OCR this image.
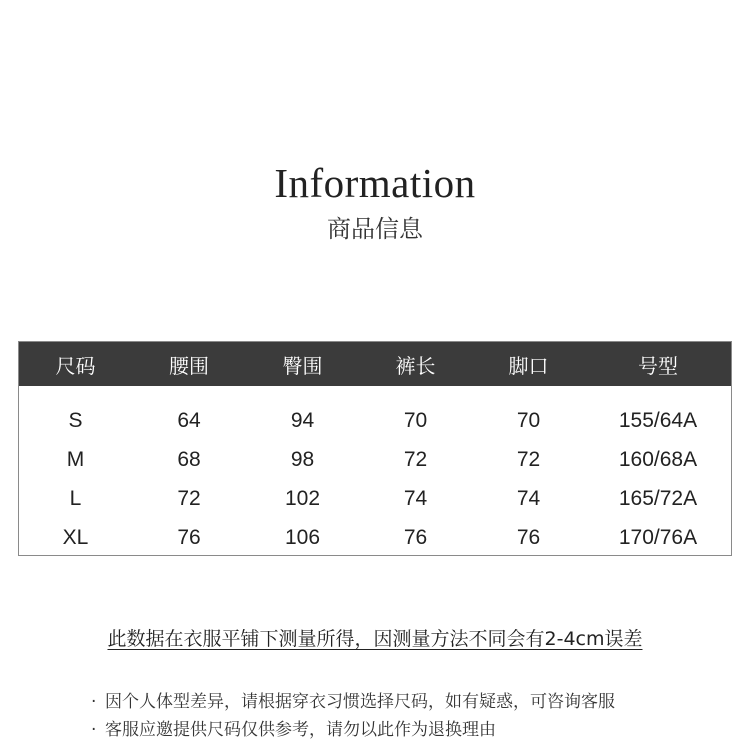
Information
商品信息
尺码	腰围	臀围	裤长	脚口	号型
S	64	94	70	70	155/64A
M	68	98	72	72	160/68A
L	72	102	74	74	165/72A
XL	76	106	76	76	170/76A
此数据在衣服平铺下测量所得，因测量方法不同会有2-4cm误差
· 因个人体型差异，请根据穿衣习惯选择尺码，如有疑惑，可咨询客服
· 客服应邀提供尺码仅供参考，请勿以此作为退换理由
